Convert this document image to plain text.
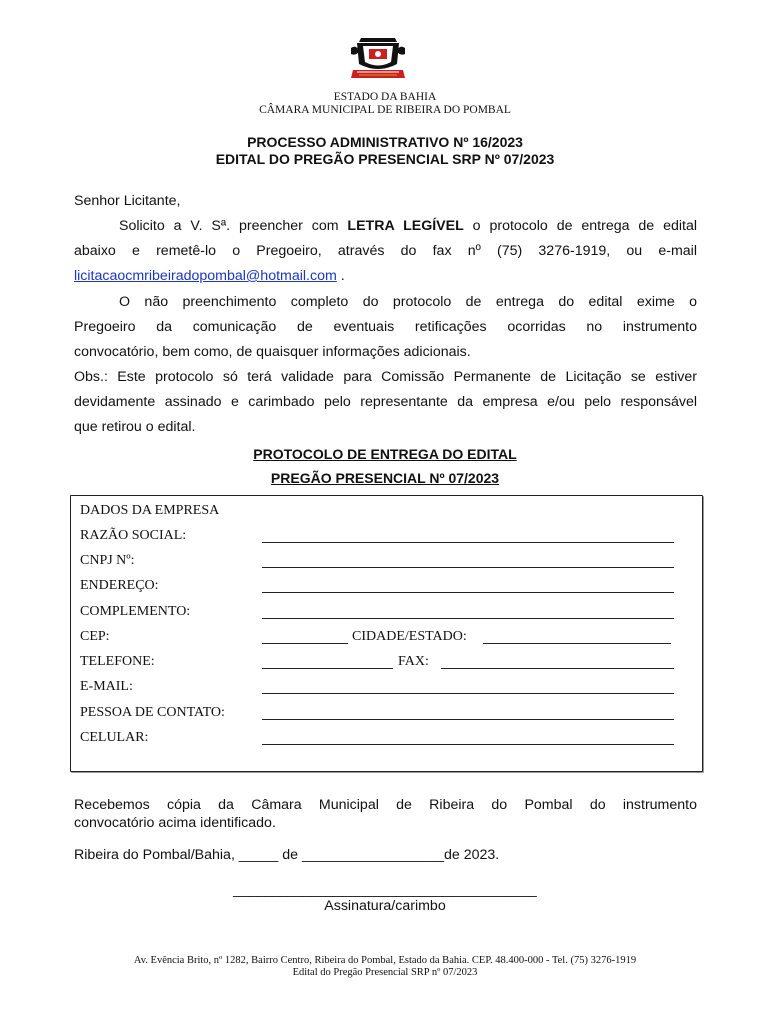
ESTADO DA BAHIA
CÂMARA MUNICIPAL DE RIBEIRA DO POMBAL
PROCESSO ADMINISTRATIVO Nº 16/2023
EDITAL DO PREGÃO PRESENCIAL SRP Nº 07/2023
Senhor Licitante,
Solicito a V. Sª. preencher com LETRA LEGÍVEL o protocolo de entrega de edital
abaixo e remetê-lo o Pregoeiro, através do fax nº (75) 3276-1919, ou e-mail
licitacaocmribeiradopombal@hotmail.com .
O não preenchimento completo do protocolo de entrega do edital exime o
Pregoeiro da comunicação de eventuais retificações ocorridas no instrumento
convocatório, bem como, de quaisquer informações adicionais.
Obs.: Este protocolo só terá validade para Comissão Permanente de Licitação se estiver
devidamente assinado e carimbado pelo representante da empresa e/ou pelo responsável
que retirou o edital.
PROTOCOLO DE ENTREGA DO EDITAL
PREGÃO PRESENCIAL Nº 07/2023
DADOS DA EMPRESA
RAZÃO SOCIAL:
CNPJ Nº:
ENDEREÇO:
COMPLEMENTO:
CEP:	CIDADE/ESTADO:
TELEFONE:	FAX:
E-MAIL:
PESSOA DE CONTATO:
CELULAR:
Recebemos cópia da Câmara Municipal de Ribeira do Pombal do instrumento
convocatório acima identificado.
Ribeira do Pombal/Bahia, _____ de __________________de 2023.
_______________________________________
Assinatura/carimbo
Av. Evência Brito, nº 1282, Bairro Centro, Ribeira do Pombal, Estado da Bahia. CEP. 48.400-000 - Tel. (75) 3276-1919
Edital do Pregão Presencial SRP nº 07/2023
